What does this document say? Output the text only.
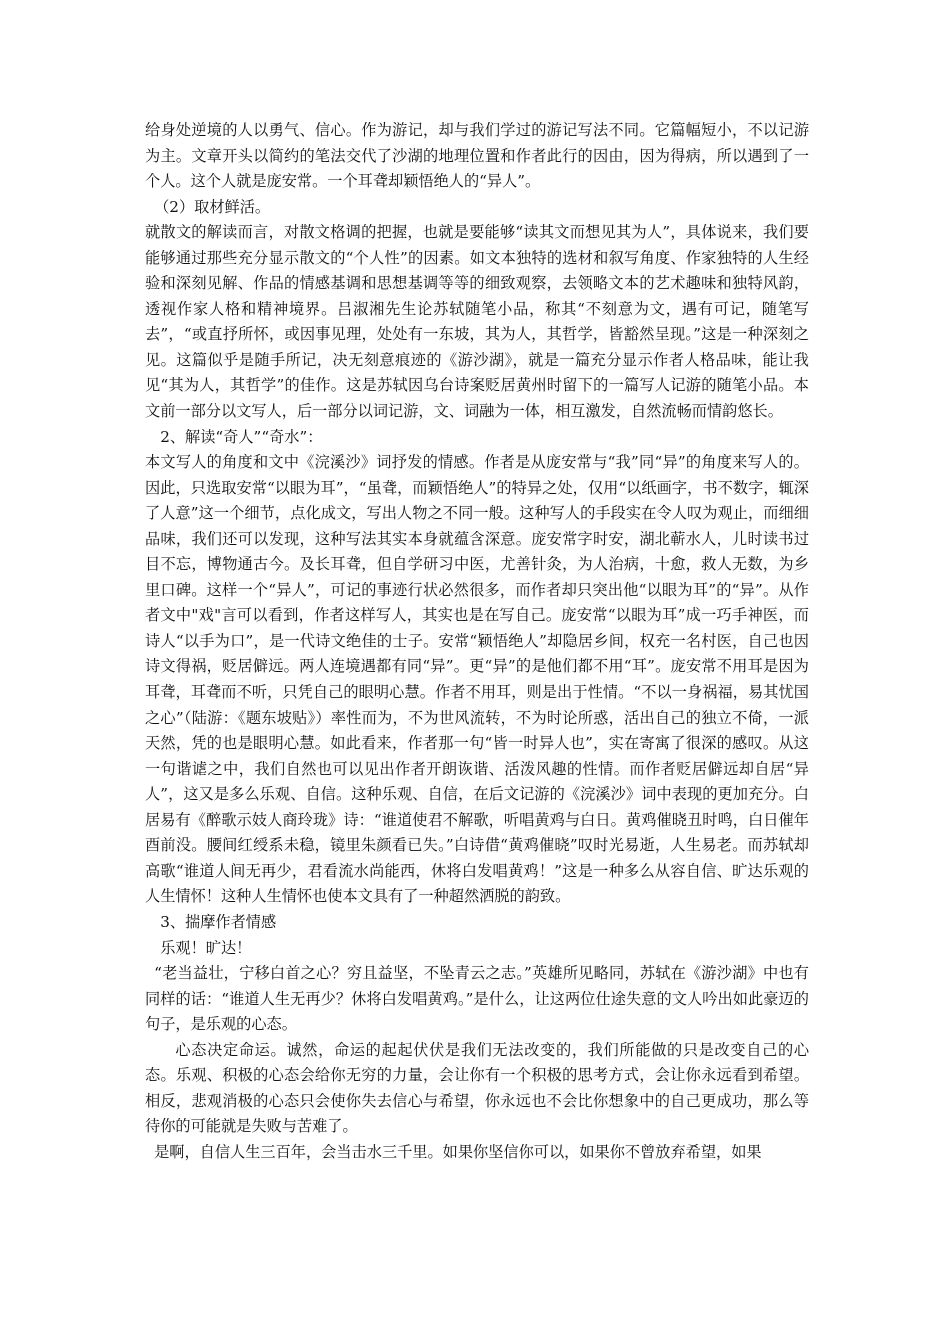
给身处逆境的人以勇气、信心。作为游记，却与我们学过的游记写法不同。它篇幅短小，不以记游为主。文章开头以简约的笔法交代了沙湖的地理位置和作者此行的因由，因为得病，所以遇到了一个人。这个人就是庞安常。一个耳聋却颖悟绝人的“异人”。

（2）取材鲜活。

就散文的解读而言，对散文格调的把握，也就是要能够“读其文而想见其为人”，具体说来，我们要能够通过那些充分显示散文的“个人性”的因素。如文本独特的选材和叙写角度、作家独特的人生经验和深刻见解、作品的情感基调和思想基调等等的细致观察，去领略文本的艺术趣味和独特风韵，透视作家人格和精神境界。吕淑湘先生论苏轼随笔小品，称其“不刻意为文，遇有可记，随笔写去”，“或直抒所怀，或因事见理，处处有一东坡，其为人，其哲学，皆豁然呈现。”这是一种深刻之见。这篇似乎是随手所记，决无刻意痕迹的《游沙湖》，就是一篇充分显示作者人格品味，能让我见“其为人，其哲学”的佳作。这是苏轼因乌台诗案贬居黄州时留下的一篇写人记游的随笔小品。本文前一部分以文写人，后一部分以词记游，文、词融为一体，相互激发，自然流畅而情韵悠长。

2、解读“奇人”“奇水”：

本文写人的角度和文中《浣溪沙》词抒发的情感。作者是从庞安常与“我”同“异”的角度来写人的。因此，只选取安常“以眼为耳”，“虽聋，而颖悟绝人”的特异之处，仅用“以纸画字，书不数字，辄深了人意”这一个细节，点化成文，写出人物之不同一般。这种写人的手段实在令人叹为观止，而细细品味，我们还可以发现，这种写法其实本身就蕴含深意。庞安常字时安，湖北蕲水人，儿时读书过目不忘，博物通古今。及长耳聋，但自学研习中医，尤善针灸，为人治病，十愈，救人无数，为乡里口碑。这样一个“异人”，可记的事迹行状必然很多，而作者却只突出他“以眼为耳”的“异”。从作者文中"戏"言可以看到，作者这样写人，其实也是在写自己。庞安常“以眼为耳”成一巧手神医，而诗人“以手为口”，是一代诗文绝佳的士子。安常“颖悟绝人”却隐居乡间，权充一名村医，自己也因诗文得祸，贬居僻远。两人连境遇都有同“异”。更“异”的是他们都不用“耳”。庞安常不用耳是因为耳聋，耳聋而不听，只凭自己的眼明心慧。作者不用耳，则是出于性情。“不以一身祸福，易其忧国之心”（陆游：《题东坡贴》）率性而为，不为世风流转，不为时论所惑，活出自己的独立不倚，一派天然，凭的也是眼明心慧。如此看来，作者那一句“皆一时异人也”，实在寄寓了很深的感叹。从这一句谐谑之中，我们自然也可以见出作者开朗诙谐、活泼风趣的性情。而作者贬居僻远却自居“异人”，这又是多么乐观、自信。这种乐观、自信，在后文记游的《浣溪沙》词中表现的更加充分。白居易有《醉歌示妓人商玲珑》诗：“谁道使君不解歌，听唱黄鸡与白日。黄鸡催晓丑时鸣，白日催年酉前没。腰间红绶系未稳，镜里朱颜看已失。”白诗借“黄鸡催晓”叹时光易逝，人生易老。而苏轼却高歌“谁道人间无再少，君看流水尚能西，休将白发唱黄鸡！”这是一种多么从容自信、旷达乐观的人生情怀！这种人生情怀也使本文具有了一种超然洒脱的韵致。

3、揣摩作者情感

乐观！旷达！

“老当益壮，宁移白首之心？穷且益坚，不坠青云之志。”英雄所见略同，苏轼在《游沙湖》中也有同样的话：“谁道人生无再少？休将白发唱黄鸡。”是什么，让这两位仕途失意的文人吟出如此豪迈的句子，是乐观的心态。

心态决定命运。诚然，命运的起起伏伏是我们无法改变的，我们所能做的只是改变自己的心态。乐观、积极的心态会给你无穷的力量，会让你有一个积极的思考方式，会让你永远看到希望。相反，悲观消极的心态只会使你失去信心与希望，你永远也不会比你想象中的自己更成功，那么等待你的可能就是失败与苦难了。

是啊，自信人生三百年，会当击水三千里。如果你坚信你可以，如果你不曾放弃希望，如果
